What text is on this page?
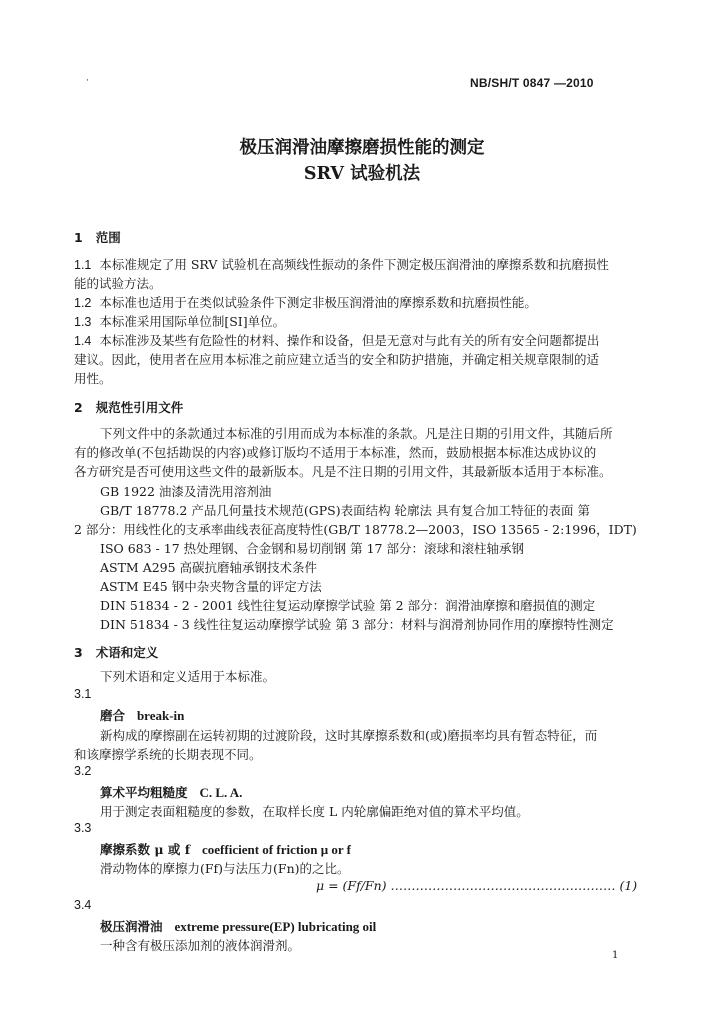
·	NB/SH/T 0847 —2010
极压润滑油摩擦磨损性能的测定
SRV 试验机法
1 范围
1.1 本标准规定了用 SRV 试验机在高频线性振动的条件下测定极压润滑油的摩擦系数和抗磨损性
能的试验方法。
1.2 本标准也适用于在类似试验条件下测定非极压润滑油的摩擦系数和抗磨损性能。
1.3 本标准采用国际单位制[SI]单位。
1.4 本标准涉及某些有危险性的材料、操作和设备，但是无意对与此有关的所有安全问题都提出
建议。因此，使用者在应用本标准之前应建立适当的安全和防护措施，并确定相关规章限制的适
用性。
2 规范性引用文件
下列文件中的条款通过本标准的引用而成为本标准的条款。凡是注日期的引用文件，其随后所
有的修改单(不包括勘误的内容)或修订版均不适用于本标准，然而，鼓励根据本标准达成协议的
各方研究是否可使用这些文件的最新版本。凡是不注日期的引用文件，其最新版本适用于本标准。
GB 1922 油漆及清洗用溶剂油
GB/T 18778.2 产品几何量技术规范(GPS)表面结构 轮廓法 具有复合加工特征的表面 第
2 部分：用线性化的支承率曲线表征高度特性(GB/T 18778.2—2003，ISO 13565 - 2:1996，IDT)
ISO 683 - 17 热处理钢、合金钢和易切削钢 第 17 部分：滚球和滚柱轴承钢
ASTM A295 高碳抗磨轴承钢技术条件
ASTM E45 钢中杂夹物含量的评定方法
DIN 51834 - 2 - 2001 线性往复运动摩擦学试验 第 2 部分：润滑油摩擦和磨损值的测定
DIN 51834 - 3 线性往复运动摩擦学试验 第 3 部分：材料与润滑剂协同作用的摩擦特性测定
3 术语和定义
下列术语和定义适用于本标准。
3.1
磨合 break-in
新构成的摩擦副在运转初期的过渡阶段，这时其摩擦系数和(或)磨损率均具有暂态特征，而
和该摩擦学系统的长期表现不同。
3.2
算术平均粗糙度 C. L. A.
用于测定表面粗糙度的参数，在取样长度 L 内轮廓偏距绝对值的算术平均值。
3.3
摩擦系数 μ 或 f coefficient of friction μ or f
滑动物体的摩擦力(Ff)与法压力(Fn)的之比。
μ = (Ff/Fn) ……………………………………………… (1)
3.4
极压润滑油 extreme pressure(EP) lubricating oil
一种含有极压添加剂的液体润滑剂。
1
